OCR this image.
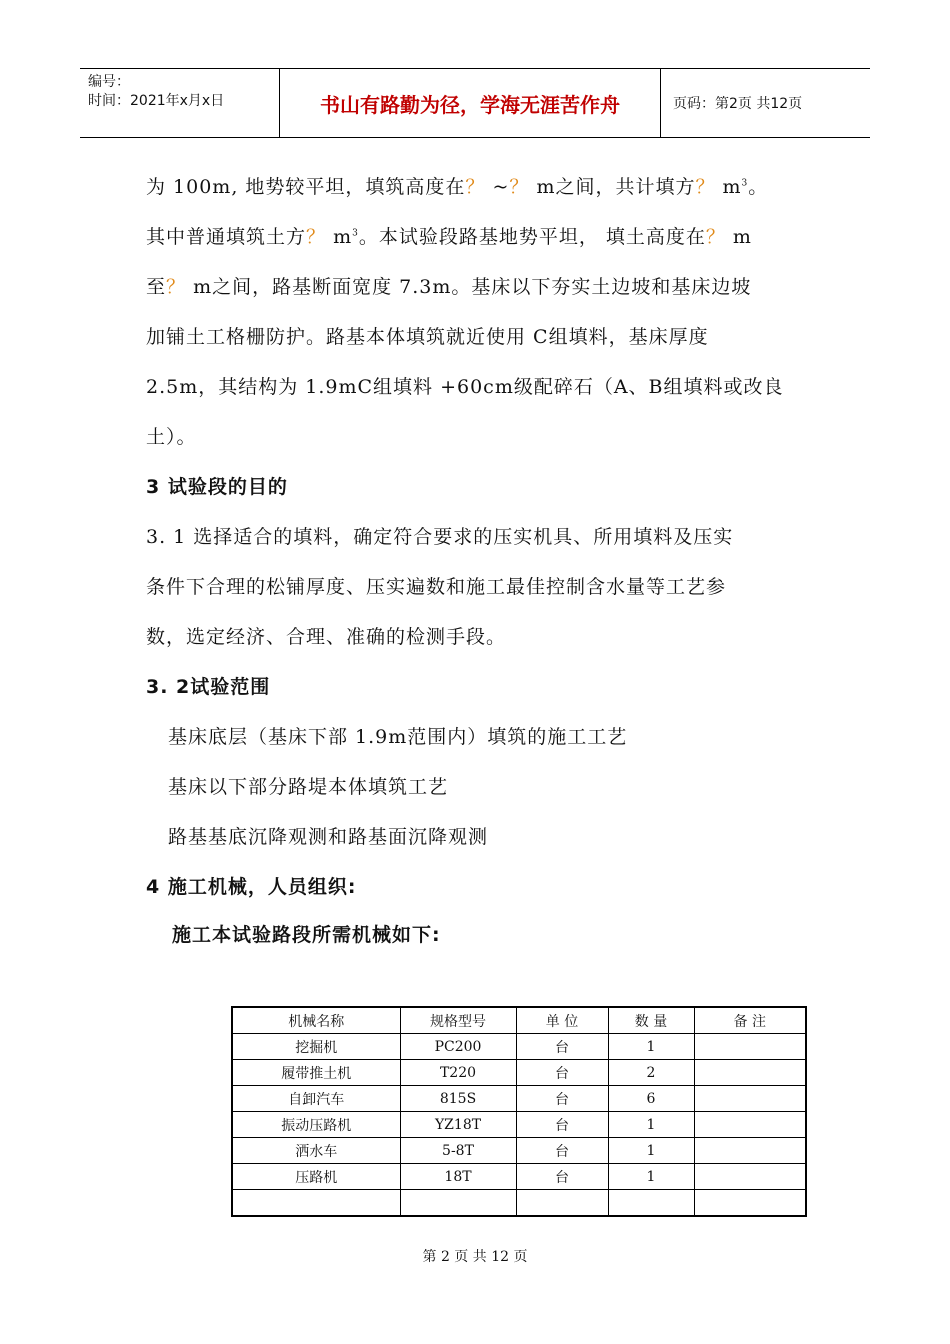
编号：
时间：2021年x月x日	书山有路勤为径，学海无涯苦作舟	页码：第2页 共12页
为 100m, 地势较平坦，填筑高度在？ ~？ m之间，共计填方？ $m^3$。
其中普通填筑土方？ $m^3$。本试验段路基地势平坦， 填土高度在？ m
至？ m之间，路基断面宽度 7.3m。基床以下夯实土边坡和基床边坡
加铺土工格栅防护。路基本体填筑就近使用 C组填料，基床厚度
2.5m，其结构为 1.9mC组填料 +60cm级配碎石（A、B组填料或改良
土）。
3 试验段的目的
3. 1 选择适合的填料，确定符合要求的压实机具、所用填料及压实
条件下合理的松铺厚度、压实遍数和施工最佳控制含水量等工艺参
数，选定经济、合理、准确的检测手段。
3. 2试验范围
基床底层（基床下部 1.9m范围内）填筑的施工工艺
基床以下部分路堤本体填筑工艺
路基基底沉降观测和路基面沉降观测
4 施工机械，人员组织:
施工本试验路段所需机械如下:
机械名称	规格型号	单 位	数 量	备 注
挖掘机	PC200	台	1	
履带推土机	T220	台	2	
自卸汽车	815S	台	6	
振动压路机	YZ18T	台	1	
洒水车	5-8T	台	1	
压路机	18T	台	1	

第 2 页 共 12 页
